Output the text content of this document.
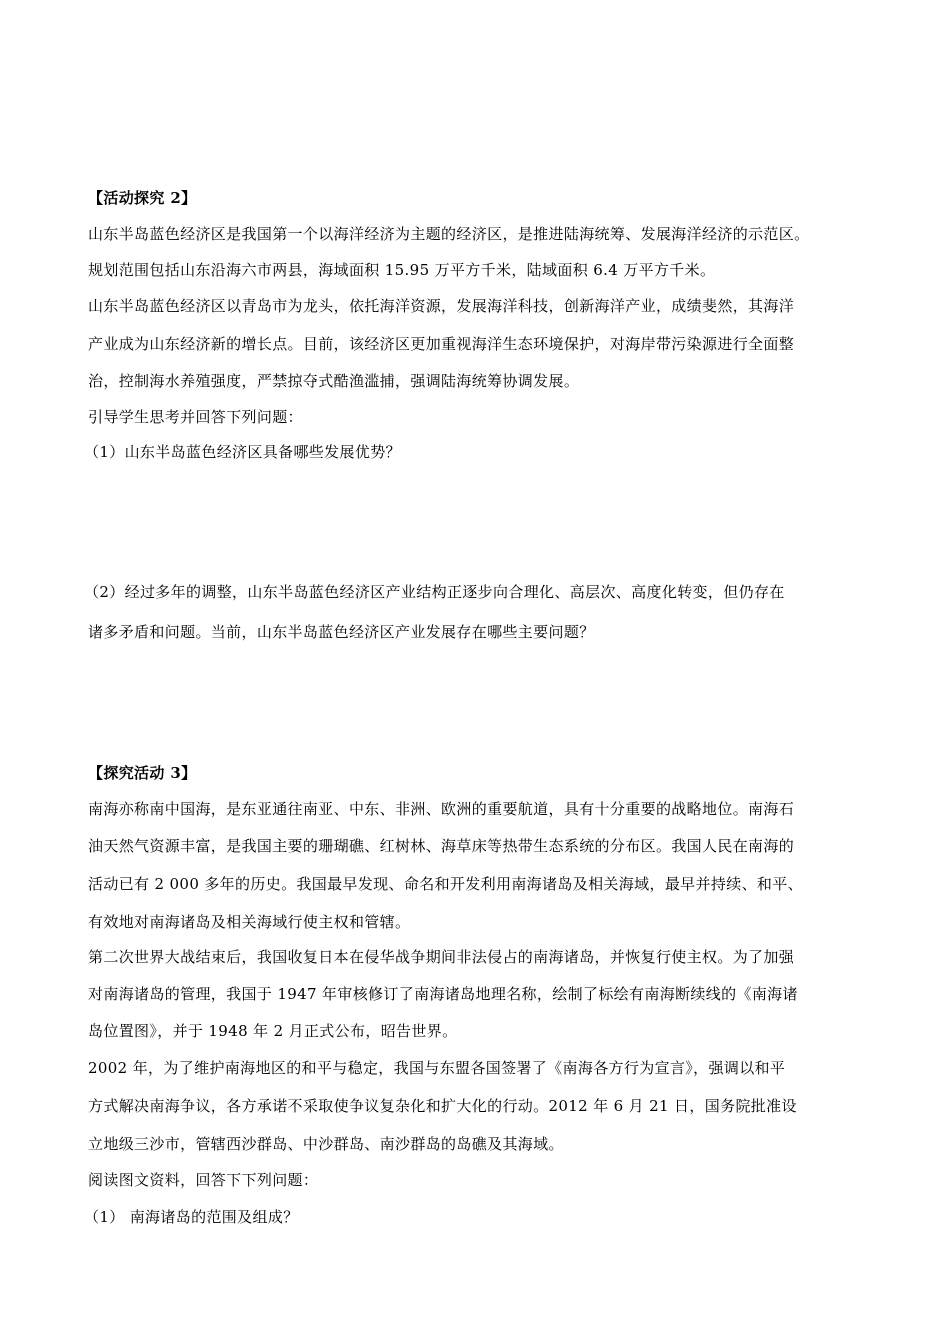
【活动探究 2】
山东半岛蓝色经济区是我国第一个以海洋经济为主题的经济区，是推进陆海统筹、发展海洋经济的示范区。
规划范围包括山东沿海六市两县，海域面积 15.95 万平方千米，陆域面积 6.4 万平方千米。
山东半岛蓝色经济区以青岛市为龙头，依托海洋资源，发展海洋科技，创新海洋产业，成绩斐然，其海洋
产业成为山东经济新的增长点。目前，该经济区更加重视海洋生态环境保护，对海岸带污染源进行全面整
治，控制海水养殖强度，严禁掠夺式酷渔滥捕，强调陆海统筹协调发展。
引导学生思考并回答下列问题：
（1）山东半岛蓝色经济区具备哪些发展优势？
（2）经过多年的调整，山东半岛蓝色经济区产业结构正逐步向合理化、高层次、高度化转变，但仍存在
诸多矛盾和问题。当前，山东半岛蓝色经济区产业发展存在哪些主要问题？
【探究活动 3】
南海亦称南中国海，是东亚通往南亚、中东、非洲、欧洲的重要航道，具有十分重要的战略地位。南海石
油天然气资源丰富，是我国主要的珊瑚礁、红树林、海草床等热带生态系统的分布区。我国人民在南海的
活动已有 2 000 多年的历史。我国最早发现、命名和开发利用南海诸岛及相关海域，最早并持续、和平、
有效地对南海诸岛及相关海域行使主权和管辖。
第二次世界大战结束后，我国收复日本在侵华战争期间非法侵占的南海诸岛，并恢复行使主权。为了加强
对南海诸岛的管理，我国于 1947 年审核修订了南海诸岛地理名称，绘制了标绘有南海断续线的《南海诸
岛位置图》，并于 1948 年 2 月正式公布，昭告世界。
2002 年，为了维护南海地区的和平与稳定，我国与东盟各国签署了《南海各方行为宣言》，强调以和平
方式解决南海争议，各方承诺不采取使争议复杂化和扩大化的行动。2012 年 6 月 21 日，国务院批准设
立地级三沙市，管辖西沙群岛、中沙群岛、南沙群岛的岛礁及其海域。
阅读图文资料，回答下下列问题：
（1） 南海诸岛的范围及组成？
